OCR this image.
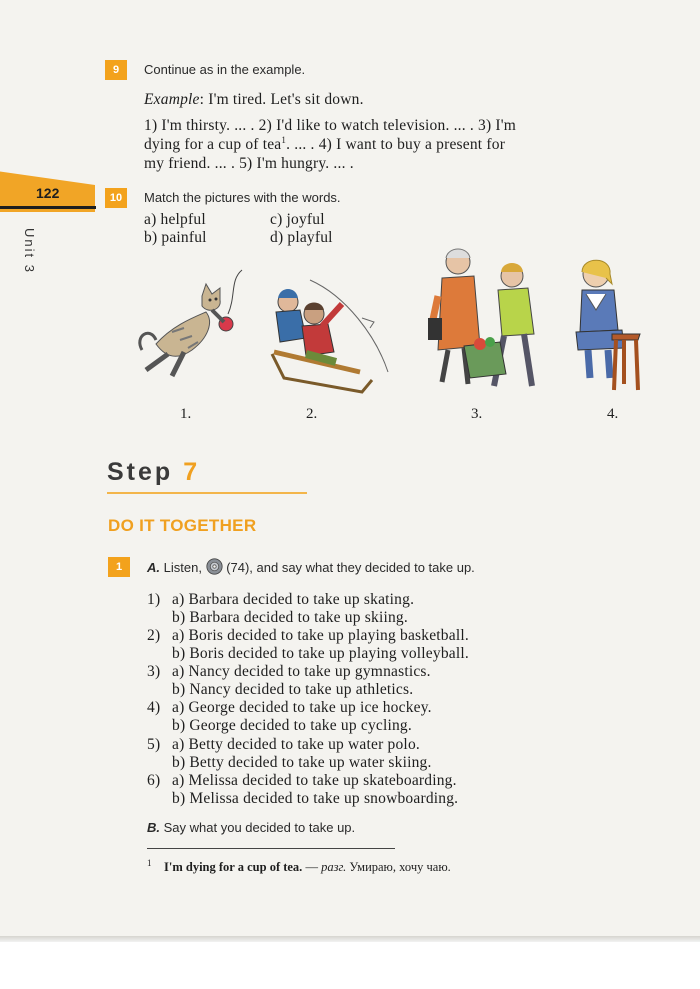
122
Unit 3
9	Continue as in the example.
Example: I'm tired. Let's sit down.
1) I'm thirsty. ... . 2) I'd like to watch television. ... . 3) I'm
dying for a cup of tea$^1$. ... . 4) I want to buy a present for
my friend. ... . 5) I'm hungry. ... .
10	Match the pictures with the words.
a) helpful
b) painful
c) joyful
d) playful
1.	2.	3.	4.
Step 7
DO IT TOGETHER
1	A. Listen, (74), and say what they decided to take up.
1) a) Barbara decided to take up skating.
b) Barbara decided to take up skiing.
2) a) Boris decided to take up playing basketball.
b) Boris decided to take up playing volleyball.
3) a) Nancy decided to take up gymnastics.
b) Nancy decided to take up athletics.
4) a) George decided to take up ice hockey.
b) George decided to take up cycling.
5) a) Betty decided to take up water polo.
b) Betty decided to take up water skiing.
6) a) Melissa decided to take up skateboarding.
b) Melissa decided to take up snowboarding.
B. Say what you decided to take up.
$^1$ I'm dying for a cup of tea. — разг. Умираю, хочу чаю.
